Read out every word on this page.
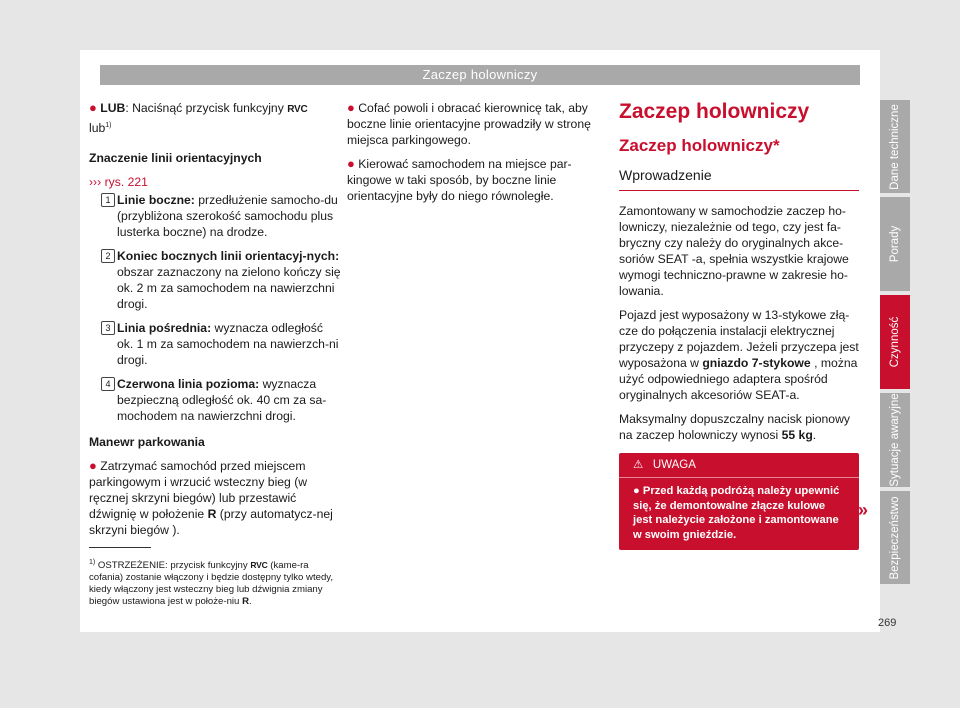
Zaczep holowniczy

● LUB: Naciśnąć przycisk funkcyjny RVC
lub$^{1)}$

Znaczenie linii orientacyjnych

››› rys. 221

1 Linie boczne: przedłużenie samocho-du (przybliżona szerokość samochodu plus lusterka boczne) na drodze.
2 Koniec bocznych linii orientacyj-nych: obszar zaznaczony na zielono kończy się ok. 2 m za samochodem na nawierzchni drogi.
3 Linia pośrednia: wyznacza odległość ok. 1 m za samochodem na nawierzch-ni drogi.
4 Czerwona linia pozioma: wyznacza bezpieczną odległość ok. 40 cm za sa-mochodem na nawierzchni drogi.

Manewr parkowania

● Zatrzymać samochód przed miejscem parkingowym i wrzucić wsteczny bieg (w ręcznej skrzyni biegów) lub przestawić dźwignię w położenie R (przy automatycz-nej skrzyni biegów ).

$^{1)}$ OSTRZEŻENIE: przycisk funkcyjny RVC (kame-ra cofania) zostanie włączony i będzie dostępny tylko wtedy, kiedy włączony jest wsteczny bieg lub dźwignia zmiany biegów ustawiona jest w położe-niu R.

● Cofać powoli i obracać kierownicę tak, aby boczne linie orientacyjne prowadziły w stronę miejsca parkingowego.

● Kierować samochodem na miejsce par-kingowe w taki sposób, by boczne linie orientacyjne były do niego równoległe.

Zaczep holowniczy
Zaczep holowniczy*
Wprowadzenie

Zamontowany w samochodzie zaczep ho-lowniczy, niezależnie od tego, czy jest fa-bryczny czy należy do oryginalnych akce-soriów SEAT -a, spełnia wszystkie krajowe wymogi techniczno-prawne w zakresie ho-lowania.

Pojazd jest wyposażony w 13-stykowe złą-cze do połączenia instalacji elektrycznej przyczepy z pojazdem. Jeżeli przyczepa jest wyposażona w gniazdo 7-stykowe , można użyć odpowiedniego adaptera spośród oryginalnych akcesoriów SEAT-a.

Maksymalny dopuszczalny nacisk pionowy na zaczep holowniczy wynosi 55 kg.

⚠ UWAGA
● Przed każdą podróżą należy upewnić się, że demontowalne złącze kulowe jest należycie założone i zamontowane w swoim gnieździe.
»
Dane techniczne
Porady
Czynność
Sytuacje awaryjne
Bezpieczeństwo
269
